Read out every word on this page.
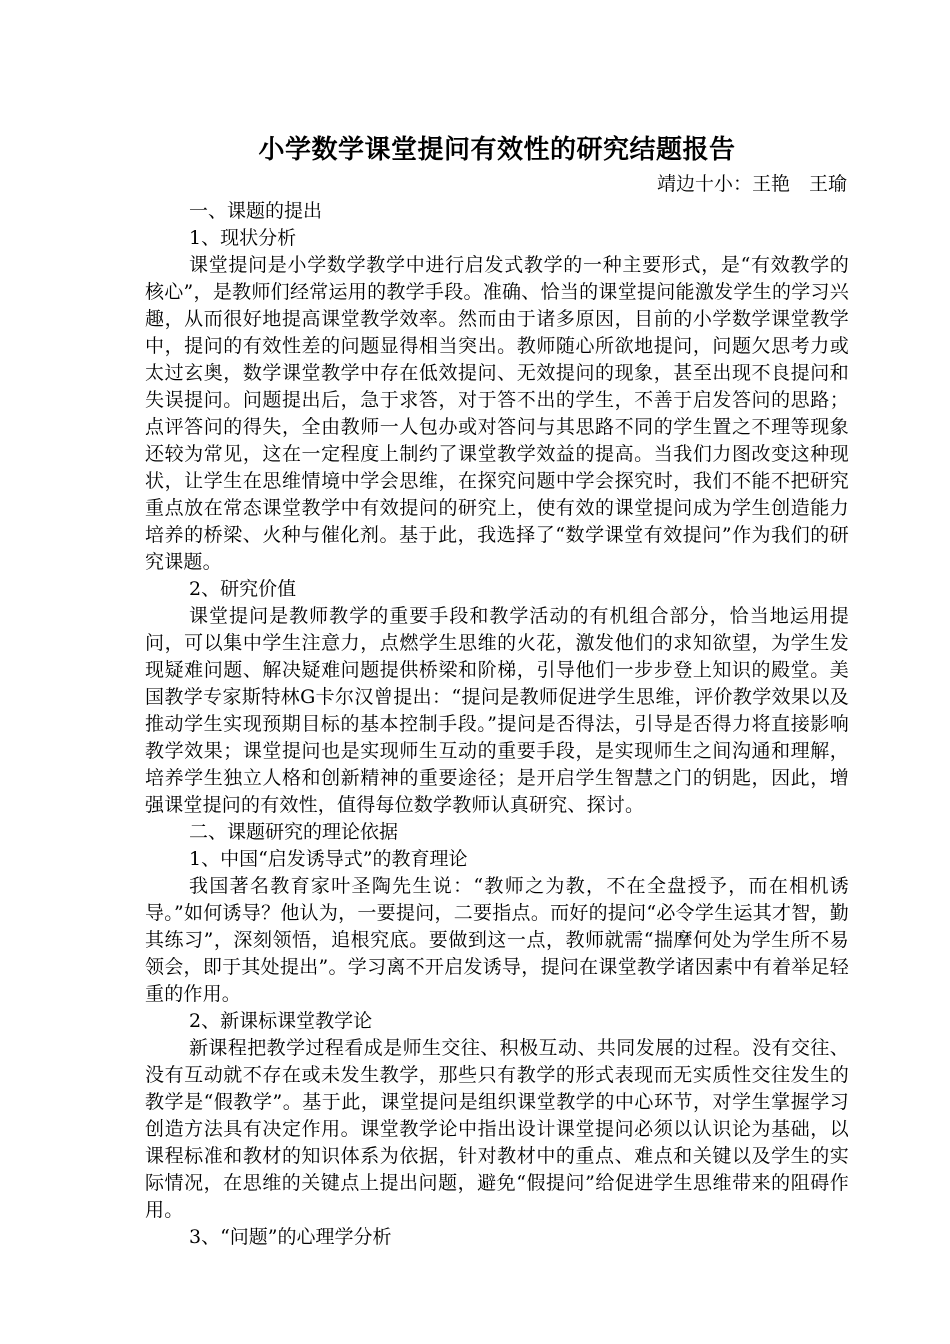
小学数学课堂提问有效性的研究结题报告

靖边十小：王艳　王瑜

一、课题的提出

1、现状分析

课堂提问是小学数学教学中进行启发式教学的一种主要形式，是“有效教学的核心”，是教师们经常运用的教学手段。准确、恰当的课堂提问能激发学生的学习兴趣，从而很好地提高课堂教学效率。然而由于诸多原因，目前的小学数学课堂教学中，提问的有效性差的问题显得相当突出。教师随心所欲地提问，问题欠思考力或太过玄奥，数学课堂教学中存在低效提问、无效提问的现象，甚至出现不良提问和失误提问。问题提出后，急于求答，对于答不出的学生，不善于启发答问的思路；点评答问的得失，全由教师一人包办或对答问与其思路不同的学生置之不理等现象还较为常见，这在一定程度上制约了课堂教学效益的提高。当我们力图改变这种现状，让学生在思维情境中学会思维，在探究问题中学会探究时，我们不能不把研究重点放在常态课堂教学中有效提问的研究上，使有效的课堂提问成为学生创造能力培养的桥梁、火种与催化剂。基于此，我选择了“数学课堂有效提问”作为我们的研究课题。

2、研究价值

课堂提问是教师教学的重要手段和教学活动的有机组合部分，恰当地运用提问，可以集中学生注意力，点燃学生思维的火花，激发他们的求知欲望，为学生发现疑难问题、解决疑难问题提供桥梁和阶梯，引导他们一步步登上知识的殿堂。美国教学专家斯特林G卡尔汉曾提出：“提问是教师促进学生思维，评价教学效果以及推动学生实现预期目标的基本控制手段。”提问是否得法，引导是否得力将直接影响教学效果；课堂提问也是实现师生互动的重要手段，是实现师生之间沟通和理解，培养学生独立人格和创新精神的重要途径；是开启学生智慧之门的钥匙，因此，增强课堂提问的有效性，值得每位数学教师认真研究、探讨。

二、课题研究的理论依据

1、中国“启发诱导式”的教育理论

我国著名教育家叶圣陶先生说：“教师之为教，不在全盘授予，而在相机诱导。”如何诱导？他认为，一要提问，二要指点。而好的提问“必令学生运其才智，勤其练习”，深刻领悟，追根究底。要做到这一点，教师就需“揣摩何处为学生所不易领会，即于其处提出”。学习离不开启发诱导，提问在课堂教学诸因素中有着举足轻重的作用。

2、新课标课堂教学论

新课程把教学过程看成是师生交往、积极互动、共同发展的过程。没有交往、没有互动就不存在或未发生教学，那些只有教学的形式表现而无实质性交往发生的教学是“假教学”。基于此，课堂提问是组织课堂教学的中心环节，对学生掌握学习创造方法具有决定作用。课堂教学论中指出设计课堂提问必须以认识论为基础，以课程标准和教材的知识体系为依据，针对教材中的重点、难点和关键以及学生的实际情况，在思维的关键点上提出问题，避免“假提问”给促进学生思维带来的阻碍作用。

3、“问题”的心理学分析
